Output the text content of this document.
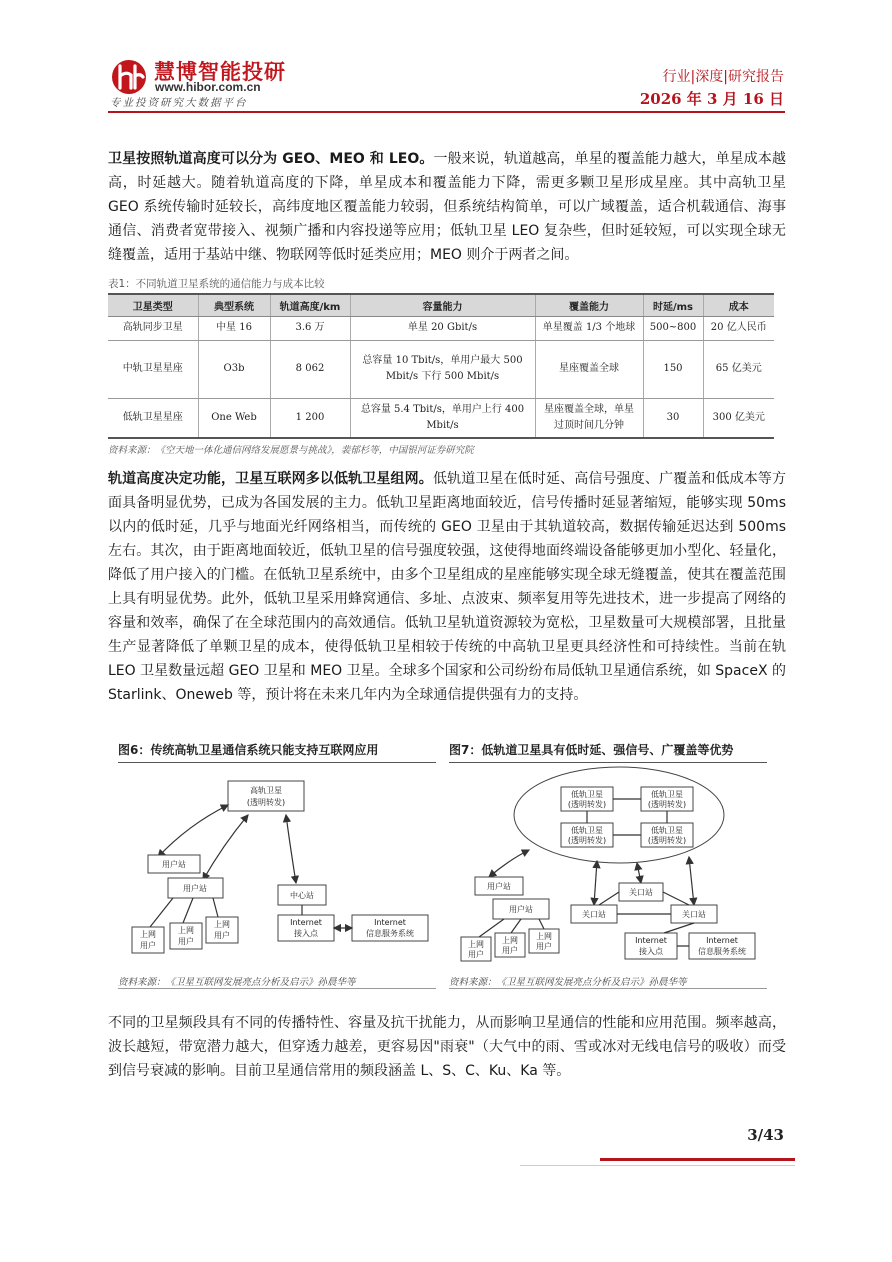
慧博智能投研
www.hibor.com.cn
专业投资研究大数据平台
行业|深度|研究报告
2026 年 3 月 16 日

卫星按照轨道高度可以分为 GEO、MEO 和 LEO。一般来说，轨道越高，单星的覆盖能力越大，单星成本越高，时延越大。随着轨道高度的下降，单星成本和覆盖能力下降，需更多颗卫星形成星座。其中高轨卫星 GEO 系统传输时延较长，高纬度地区覆盖能力较弱，但系统结构简单，可以广域覆盖，适合机载通信、海事通信、消费者宽带接入、视频广播和内容投递等应用；低轨卫星 LEO 复杂些，但时延较短，可以实现全球无缝覆盖，适用于基站中继、物联网等低时延类应用；MEO 则介于两者之间。

表1：不同轨道卫星系统的通信能力与成本比较
卫星类型	典型系统	轨道高度/km	容量能力	覆盖能力	时延/ms	成本
高轨同步卫星	中星 16	3.6 万	单星 20 Gbit/s	单星覆盖 1/3 个地球	500~800	20 亿人民币
中轨卫星星座	O3b	8 062	总容量 10 Tbit/s，单用户最大 500 Mbit/s 下行 500 Mbit/s	星座覆盖全球	150	65 亿美元
低轨卫星星座	One Web	1 200	总容量 5.4 Tbit/s，单用户上行 400 Mbit/s	星座覆盖全球，单星过顶时间几分钟	30	300 亿美元
资料来源：《空天地一体化通信网络发展愿景与挑战》，裴郁杉等，中国银河证券研究院

轨道高度决定功能，卫星互联网多以低轨卫星组网。低轨道卫星在低时延、高信号强度、广覆盖和低成本等方面具备明显优势，已成为各国发展的主力。低轨卫星距离地面较近，信号传播时延显著缩短，能够实现 50ms 以内的低时延，几乎与地面光纤网络相当，而传统的 GEO 卫星由于其轨道较高，数据传输延迟达到 500ms 左右。其次，由于距离地面较近，低轨卫星的信号强度较强，这使得地面终端设备能够更加小型化、轻量化，降低了用户接入的门槛。在低轨卫星系统中，由多个卫星组成的星座能够实现全球无缝覆盖，使其在覆盖范围上具有明显优势。此外，低轨卫星采用蜂窝通信、多址、点波束、频率复用等先进技术，进一步提高了网络的容量和效率，确保了在全球范围内的高效通信。低轨卫星轨道资源较为宽松，卫星数量可大规模部署，且批量生产显著降低了单颗卫星的成本，使得低轨卫星相较于传统的中高轨卫星更具经济性和可持续性。当前在轨 LEO 卫星数量远超 GEO 卫星和 MEO 卫星。全球多个国家和公司纷纷布局低轨卫星通信系统，如 SpaceX 的 Starlink、Oneweb 等，预计将在未来几年内为全球通信提供强有力的支持。

图6：传统高轨卫星通信系统只能支持互联网应用
高轨卫星
(透明转发)
用户站
用户站
中心站
Internet
接入点
Internet
信息服务系统
上网
用户
上网
用户
上网
用户
资料来源：《卫星互联网发展亮点分析及启示》孙晨华等
图7：低轨道卫星具有低时延、强信号、广覆盖等优势
低轨卫星
(透明转发)
低轨卫星
(透明转发)
低轨卫星
(透明转发)
低轨卫星
(透明转发)
用户站
用户站
关口站
关口站	关口站
Internet
接入点
Internet
信息服务系统
上网
用户
上网
用户
上网
用户
资料来源：《卫星互联网发展亮点分析及启示》孙晨华等

不同的卫星频段具有不同的传播特性、容量及抗干扰能力，从而影响卫星通信的性能和应用范围。频率越高，波长越短，带宽潜力越大，但穿透力越差，更容易因"雨衰"（大气中的雨、雪或冰对无线电信号的吸收）而受到信号衰减的影响。目前卫星通信常用的频段涵盖 L、S、C、Ku、Ka 等。

3/43
